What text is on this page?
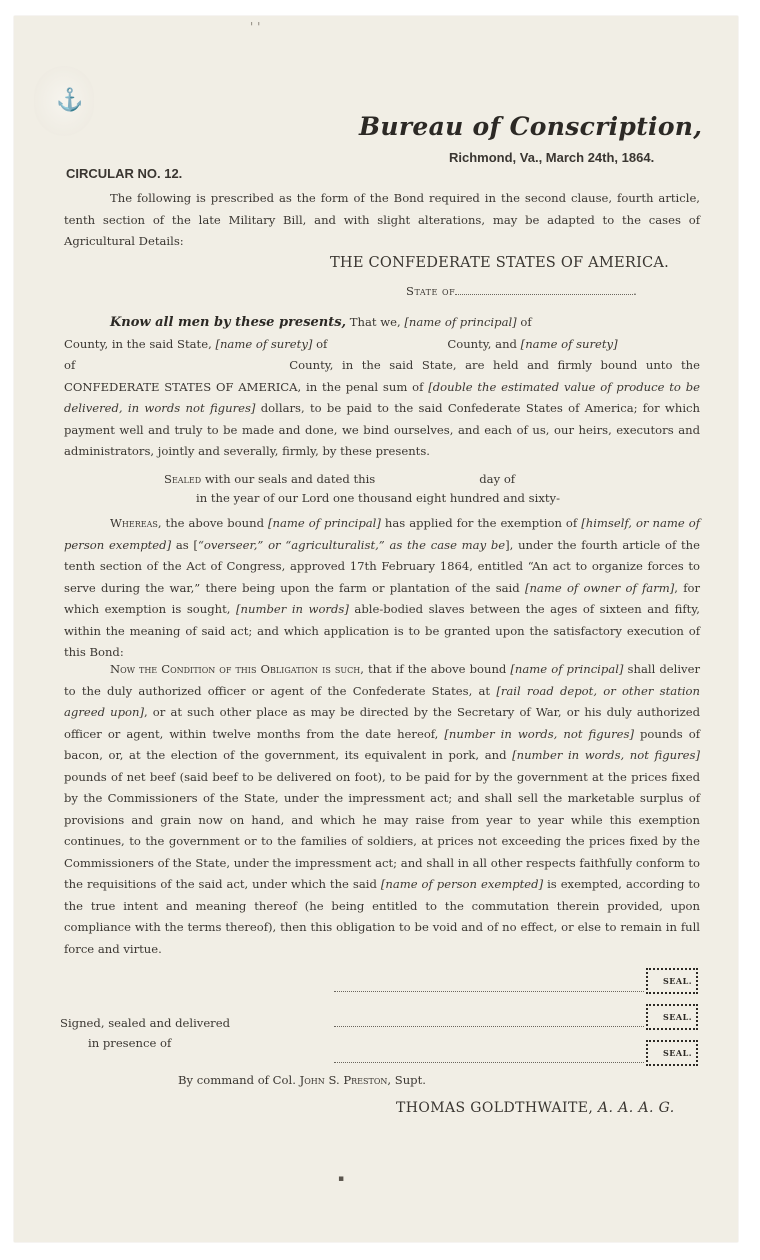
⚓
' '
Bureau of Conscription,
Richmond, Va., March 24th, 1864.
CIRCULAR NO. 12.
The following is prescribed as the form of the Bond required in the second clause, fourth article, tenth section of the late Military Bill, and with slight alterations, may be adapted to the cases of Agricultural Details:
THE CONFEDERATE STATES OF AMERICA.
State of	.
Know all men by these presents, That we, [name of principal] of
County, in the said State, [name of surety] of	County, and [name of surety]
of	County, in the said State, are held and firmly bound unto the CONFEDERATE STATES OF AMERICA, in the penal sum of [double the estimated value of produce to be delivered, in words not figures] dollars, to be paid to the said Confederate States of America; for which payment well and truly to be made and done, we bind ourselves, and each of us, our heirs, executors and administrators, jointly and severally, firmly, by these presents.
Sealed with our seals and dated this	day of
in the year of our Lord one thousand eight hundred and sixty-
Whereas, the above bound [name of principal] has applied for the exemption of [himself, or name of person exempted] as [“overseer,” or “agriculturalist,” as the case may be], under the fourth article of the tenth section of the Act of Congress, approved 17th February 1864, entitled “An act to organize forces to serve during the war,” there being upon the farm or plantation of the said [name of owner of farm], for which exemption is sought, [number in words] able-bodied slaves between the ages of sixteen and fifty, within the meaning of said act; and which application is to be granted upon the satisfactory execution of this Bond:
Now the Condition of this Obligation is such, that if the above bound [name of principal] shall deliver to the duly authorized officer or agent of the Confederate States, at [rail road depot, or other station agreed upon], or at such other place as may be directed by the Secretary of War, or his duly authorized officer or agent, within twelve months from the date hereof, [number in words, not figures] pounds of bacon, or, at the election of the government, its equivalent in pork, and [number in words, not figures] pounds of net beef (said beef to be delivered on foot), to be paid for by the government at the prices fixed by the Commissioners of the State, under the impressment act; and shall sell the marketable surplus of provisions and grain now on hand, and which he may raise from year to year while this exemption continues, to the government or to the families of soldiers, at prices not exceeding the prices fixed by the Commissioners of the State, under the impressment act; and shall in all other respects faithfully conform to the requisitions of the said act, under which the said [name of person exempted] is exempted, according to the true intent and meaning thereof (he being entitled to the commutation therein provided, upon compliance with the terms thereof), then this obligation to be void and of no effect, or else to remain in full force and virtue.
SEAL.
SEAL.
SEAL.
Signed, sealed and delivered
in presence of
By command of Col. John S. Preston, Supt.
THOMAS GOLDTHWAITE, A. A. A. G.
▪
